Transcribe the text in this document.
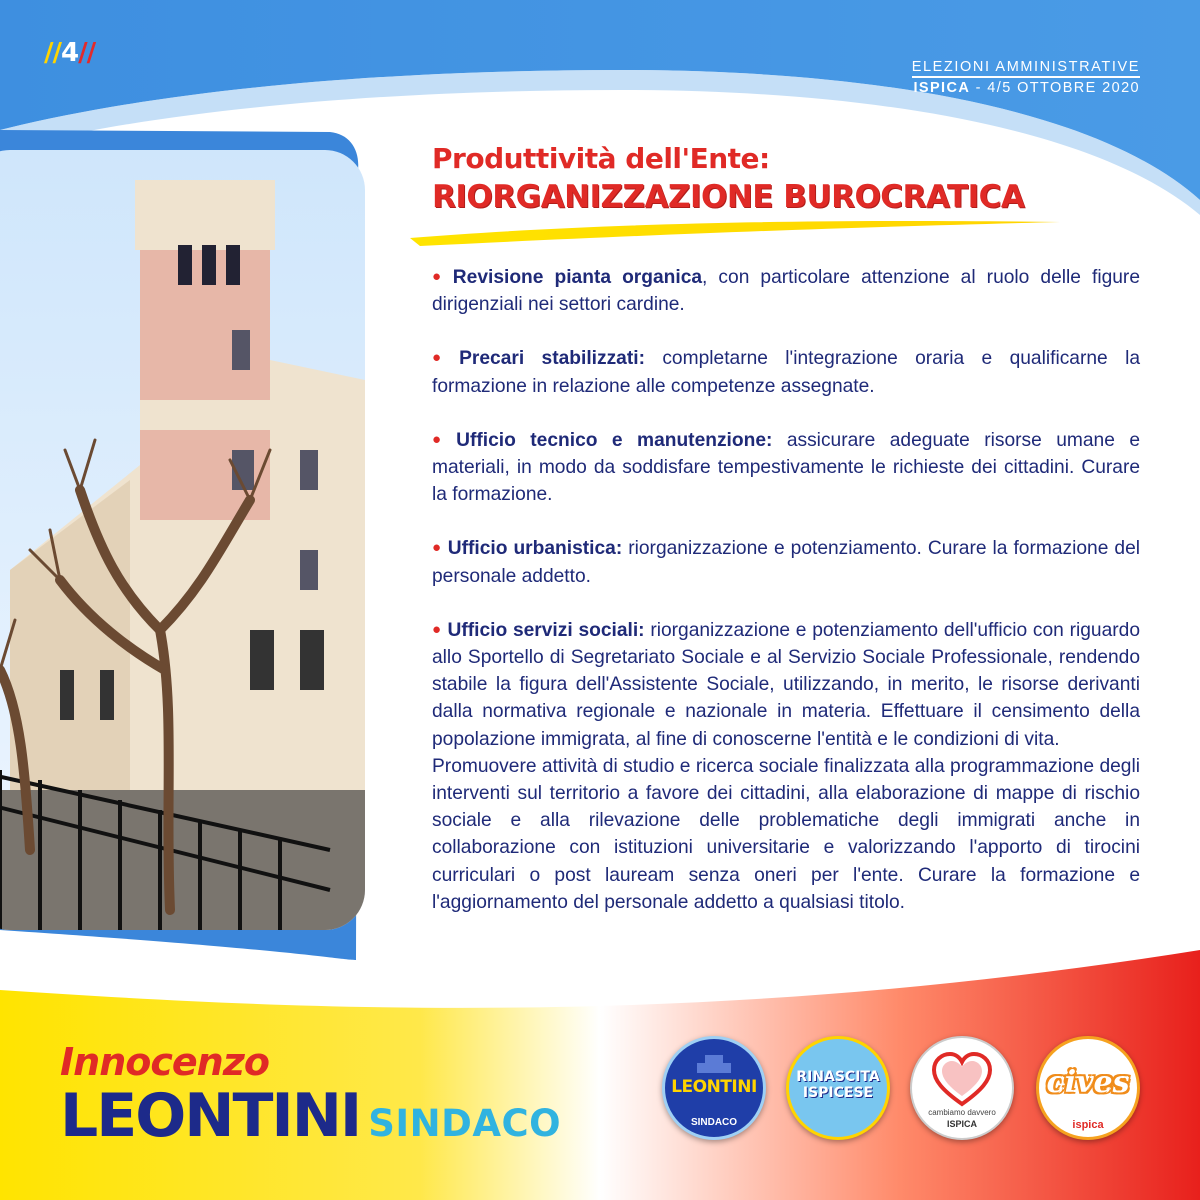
//4//	ELEZIONI AMMINISTRATIVE
ISPICA - 4/5 OTTOBRE 2020
Produttività dell'Ente:
RIORGANIZZAZIONE BUROCRATICA

● Revisione pianta organica, con particolare attenzione al ruolo delle figure dirigenziali nei settori cardine.

● Precari stabilizzati: completarne l'integrazione oraria e qualificarne la formazione in relazione alle competenze assegnate.

● Ufficio tecnico e manutenzione: assicurare adeguate risorse umane e materiali, in modo da soddisfare tempestivamente le richieste dei cittadini. Curare la formazione.

● Ufficio urbanistica: riorganizzazione e potenziamento. Curare la formazione del personale addetto.

● Ufficio servizi sociali: riorganizzazione e potenziamento dell'ufficio con riguardo allo Sportello di Segretariato Sociale e al Servizio Sociale Professionale, rendendo stabile la figura dell'Assistente Sociale, utilizzando, in merito, le risorse derivanti dalla normativa regionale e nazionale in materia. Effettuare il censimento della popolazione immigrata, al fine di conoscerne l'entità e le condizioni di vita.

Promuovere attività di studio e ricerca sociale finalizzata alla programmazione degli interventi sul territorio a favore dei cittadini, alla elaborazione di mappe di rischio sociale e alla rilevazione delle problematiche degli immigrati anche in collaborazione con istituzioni universitarie e valorizzando l'apporto di tirocini curriculari o post lauream senza oneri per l'ente. Curare la formazione e l'aggiornamento del personale addetto a qualsiasi titolo.

Innocenzo
LEONTINI SINDACO
LEONTINI
SINDACO
RINASCITA
ISPICESE
cambiamo davvero
ISPICA
cives
ispica
